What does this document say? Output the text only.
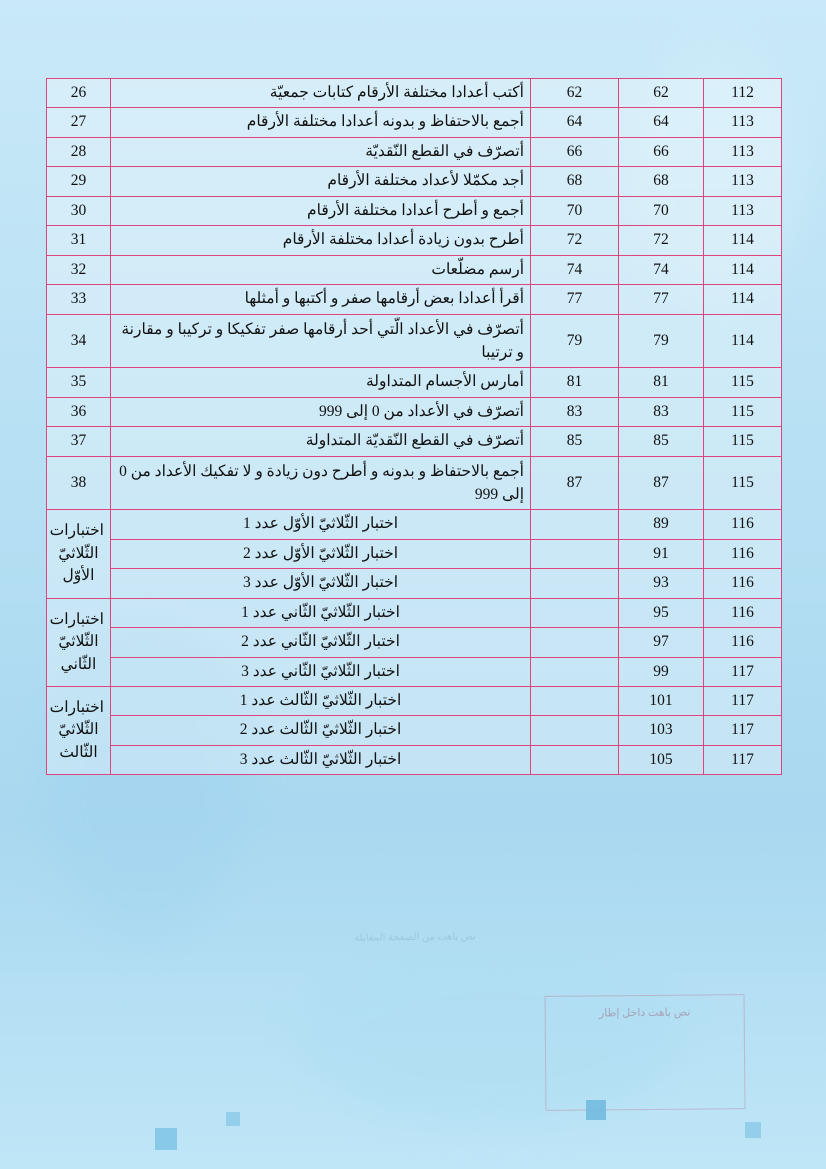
نص باهت من الصفحة المقابلة
نص باهت داخل إطار
112	62	62	أكتب أعدادا مختلفة الأرقام كتابات جمعيّة	26
113	64	64	أجمع بالاحتفاظ و بدونه أعدادا مختلفة الأرقام	27
113	66	66	أتصرّف في القطع النّقديّة	28
113	68	68	أجد مكمّلا لأعداد مختلفة الأرقام	29
113	70	70	أجمع و أطرح أعدادا مختلفة الأرقام	30
114	72	72	أطرح بدون زيادة أعدادا مختلفة الأرقام	31
114	74	74	أرسم مضلّعات	32
114	77	77	أقرأ أعدادا بعض أرقامها صفر و أكتبها و أمثلها	33
114	79	79	أتصرّف في الأعداد الّتي أحد أرقامها صفر تفكيكا و تركيبا و مقارنة و ترتيبا	34
115	81	81	أمارس الأجسام المتداولة	35
115	83	83	أتصرّف في الأعداد من 0 إلى 999	36
115	85	85	أتصرّف في القطع النّقديّة المتداولة	37
115	87	87	أجمع بالاحتفاظ و بدونه و أطرح دون زيادة و لا تفكيك الأعداد من 0 إلى 999	38
116	89		اختبار الثّلاثيّ الأوّل عدد 1	اختبارات
الثّلاثيّ
الأوّل

116	91		اختبار الثّلاثيّ الأوّل عدد 2	
116	93		اختبار الثّلاثيّ الأوّل عدد 3	
116	95		اختبار الثّلاثيّ الثّاني عدد 1	اختبارات
الثّلاثيّ
الثّاني

116	97		اختبار الثّلاثيّ الثّاني عدد 2	
117	99		اختبار الثّلاثيّ الثّاني عدد 3	
117	101		اختبار الثّلاثيّ الثّالث عدد 1	اختبارات
الثّلاثيّ
الثّالث

117	103		اختبار الثّلاثيّ الثّالث عدد 2	
117	105		اختبار الثّلاثيّ الثّالث عدد 3	
